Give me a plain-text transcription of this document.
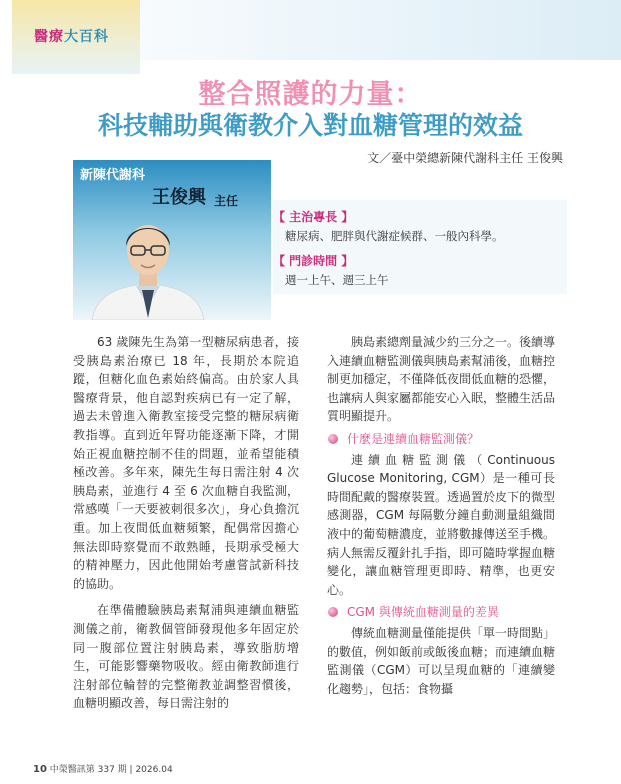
醫療大百科
整合照護的力量：
科技輔助與衛教介入對血糖管理的效益
文／臺中榮總新陳代謝科主任 王俊興
新陳代謝科
王俊興 主任
【 主治專長 】
糖尿病、肥胖與代謝症候群、一般內科學。
【 門診時間 】
週一上午、週三上午

63 歲陳先生為第一型糖尿病患者，接受胰島素治療已 18 年，長期於本院追蹤，但糖化血色素始終偏高。由於家人具醫療背景，他自認對疾病已有一定了解，過去未曾進入衛教室接受完整的糖尿病衛教指導。直到近年腎功能逐漸下降，才開始正視血糖控制不佳的問題，並希望能積極改善。多年來，陳先生每日需注射 4 次胰島素，並進行 4 至 6 次血糖自我監測，常感嘆「一天要被刺很多次」，身心負擔沉重。加上夜間低血糖頻繁，配偶常因擔心無法即時察覺而不敢熟睡，長期承受極大的精神壓力，因此他開始考慮嘗試新科技的協助。

在準備體驗胰島素幫浦與連續血糖監測儀之前，衛教個管師發現他多年固定於同一腹部位置注射胰島素，導致脂肪增生，可能影響藥物吸收。經由衛教師進行注射部位輪替的完整衛教並調整習慣後，血糖明顯改善，每日需注射的

胰島素總劑量減少約三分之一。後續導入連續血糖監測儀與胰島素幫浦後，血糖控制更加穩定，不僅降低夜間低血糖的恐懼，也讓病人與家屬都能安心入眠，整體生活品質明顯提升。

什麼是連續血糖監測儀？

連續血糖監測儀（Continuous Glucose Monitoring, CGM）是一種可長時間配戴的醫療裝置。透過置於皮下的微型感測器，CGM 每隔數分鐘自動測量組織間液中的葡萄糖濃度，並將數據傳送至手機。病人無需反覆針扎手指，即可隨時掌握血糖變化，讓血糖管理更即時、精準，也更安心。

CGM 與傳統血糖測量的差異

傳統血糖測量僅能提供「單一時間點」的數值，例如飯前或飯後血糖；而連續血糖監測儀（CGM）可以呈現血糖的「連續變化趨勢」，包括：食物攝

10 中榮醫訊第 337 期 | 2026.04
